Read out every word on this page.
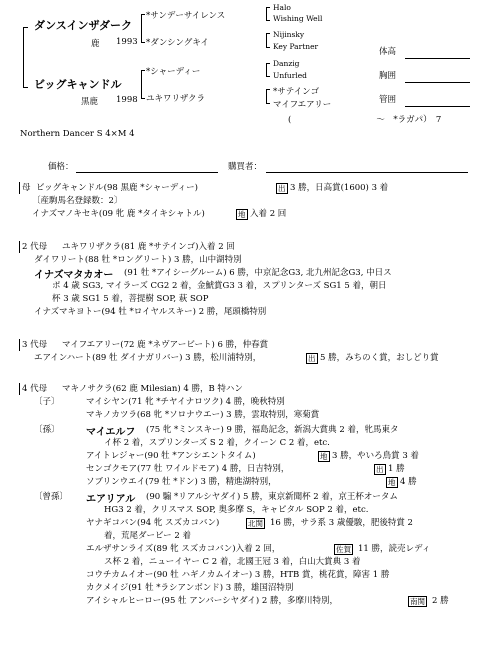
ダンスインザダーク
鹿 1993
ビッグキャンドル
黒鹿 1998
*サンデーサイレンス
*ダンシングキイ
*シャーディー
ユキワリザクラ
Halo
Wishing Well
Nijinsky
Key Partner
Danzig
Unfurled
*サテインゴ
マイフエアリー
(　　　　　　　　　　～　*ラガパ）　7
Northern Dancer S 4×M 4
体高
胸囲
管囲
価格：	購買者：
母 ビッグキャンドル(98 黒鹿 *シャーディー)	出 3 勝，日高賞(1600) 3 着
〔産駒馬名登録数：2〕
イナズマノキセキ(09 牝 鹿 *タイキシャトル)	地 入着 2 回
2 代母 ユキワリザクラ(81 鹿 *サテインゴ)入着 2 回
ダイワリート(88 牡 *ロングリート) 3 勝，山中湖特別
イナズマタカオー (91 牡 *アイシーグルーム) 6 勝，中京記念G3, 北九州記念G3, 中日ス
ポ 4 歳 SG3, マイラーズ CG2 2 着，金鯱賞G3 3 着，スプリンターズ SG1 5 着，朝日
杯 3 歳 SG1 5 着，菩提樹 SOP, 萩 SOP
イナズマキヨトー(94 牡 *ロイヤルスキー) 2 勝，尾頭橋特別
3 代母 マイフエアリー(72 鹿 *ネヴアービート) 6 勝，仲春賞
エアインハート(89 牡 ダイナガリバー) 3 勝，松川浦特別，	出 5 勝，みちのく賞，おしどり賞
4 代母 マキノサクラ(62 鹿 Milesian) 4 勝，B 特ハン
〔子〕	マイシヤン(71 牝 *チヤイナロツク) 4 勝，晩秋特別
マキノカツラ(68 牝 *ソロナウエー) 3 勝，雲取特別，寒菊賞
〔孫〕	マイエルフ (75 牝 *ミンスキー) 9 勝，福島記念，新潟大賞典 2 着，牝馬東タ
イ杯 2 着，スプリンターズ S 2 着，クイーン C 2 着，etc.
アイトレジャー(90 牡 *アンシエントタイム)	地 3 勝，やいろ鳥賞 3 着
センゴクモア(77 牡 ワイルドモア) 4 勝，日吉特別，	出 1 勝
ソブリンウエイ(79 牡 *ドン) 3 勝，精進湖特別，	地 4 勝
〔曾孫〕 エアリアル (90 騸 *リアルシヤダイ) 5 勝，東京新聞杯 2 着，京王杯オータム
HG3 2 着，クリスマス SOP, 奥多摩 S，キャピタル SOP 2 着，etc.
ヤナギコバン(94 牝 スズカコバン)	北関 16 勝，サラ系 3 歳優駿，肥後特賞 2
着，荒尾ダービー 2 着
エルザサンライズ(89 牝 スズカコバン)入着 2 回，	佐賀 11 勝，読売レディ
ス杯 2 着，ニューイヤー C 2 着，北國王冠 3 着，白山大賞典 3 着
コウチカムイオー(90 牡 ハギノカムイオー) 3 勝，HTB 賞，桃花賞，障害 1 勝
カクメイジ(91 牡 *ラシアンボンド) 3 勝，雄国沼特別
アイシャルヒーロー(95 牡 アンバーシヤダイ) 2 勝，多摩川特別，	南関 2 勝
